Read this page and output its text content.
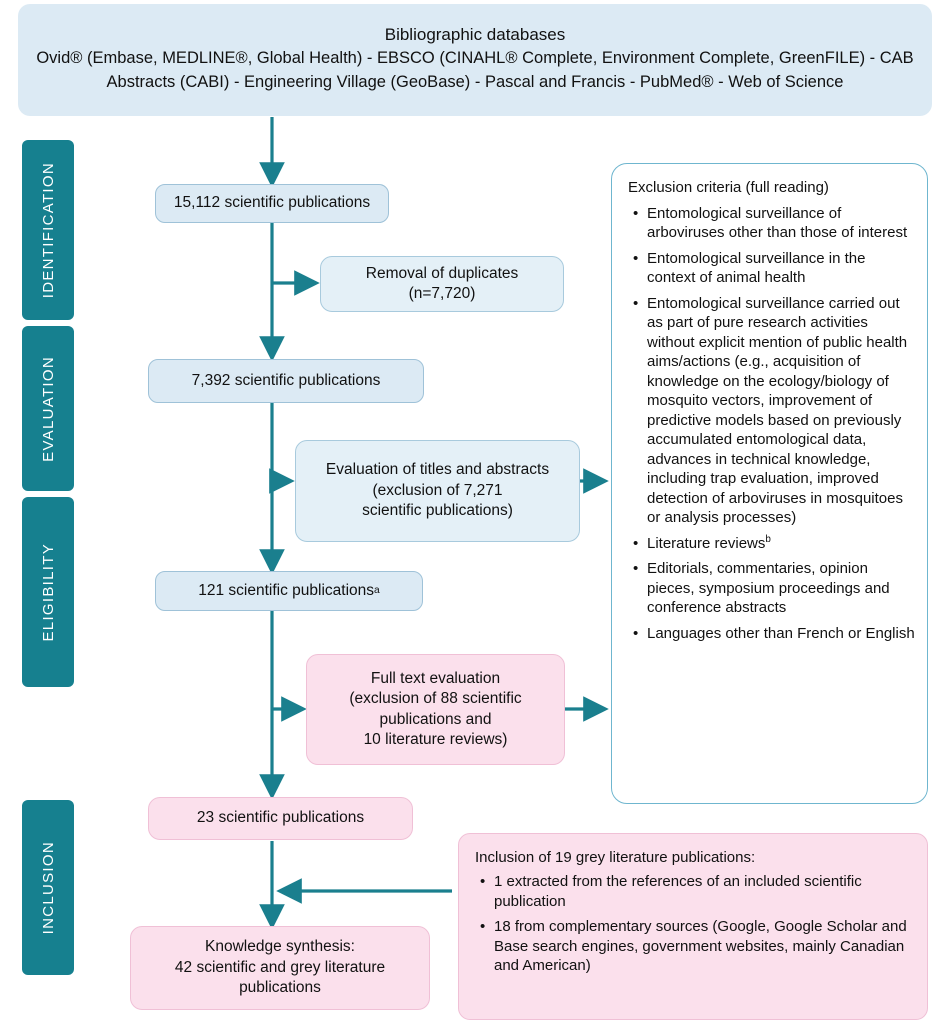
Bibliographic databases
Ovid® (Embase, MEDLINE®, Global Health) - EBSCO (CINAHL® Complete, Environment Complete, GreenFILE) - CAB Abstracts (CABI) - Engineering Village (GeoBase) - Pascal and Francis - PubMed® - Web of Science
IDENTIFICATION
EVALUATION
ELIGIBILITY
INCLUSION
15,112 scientific publications
Removal of duplicates
(n=7,720)
7,392 scientific publications
Evaluation of titles and abstracts
(exclusion of 7,271
scientific publications)
121 scientific publications a
Full text evaluation
(exclusion of 88 scientific
publications and
10 literature reviews)
23 scientific publications
Knowledge synthesis:
42 scientific and grey literature
publications
Exclusion criteria (full reading)
• Entomological surveillance of arboviruses other than those of interest
• Entomological surveillance in the context of animal health
• Entomological surveillance carried out as part of pure research activities without explicit mention of public health aims/actions (e.g., acquisition of knowledge on the ecology/biology of mosquito vectors, improvement of predictive models based on previously accumulated entomological data, advances in technical knowledge, including trap evaluation, improved detection of arboviruses in mosquitoes or analysis processes)
• Literature reviews$^b$
• Editorials, commentaries, opinion pieces, symposium proceedings and conference abstracts
• Languages other than French or English
Inclusion of 19 grey literature publications:
• 1 extracted from the references of an included scientific publication
• 18 from complementary sources (Google, Google Scholar and Base search engines, government websites, mainly Canadian and American)
